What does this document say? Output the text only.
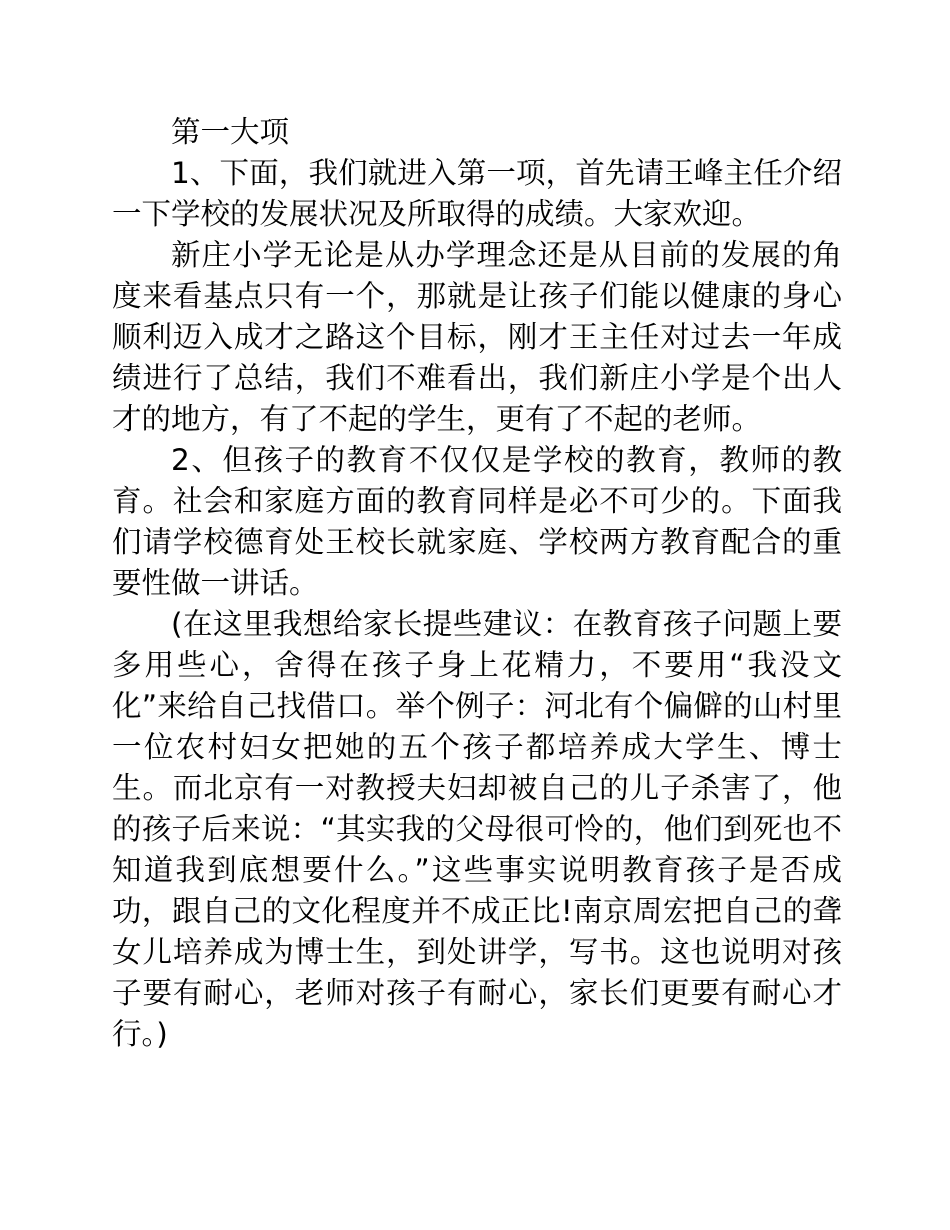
第一大项

1、下面，我们就进入第一项，首先请王峰主任介绍一下学校的发展状况及所取得的成绩。大家欢迎。

新庄小学无论是从办学理念还是从目前的发展的角度来看基点只有一个，那就是让孩子们能以健康的身心顺利迈入成才之路这个目标，刚才王主任对过去一年成绩进行了总结，我们不难看出，我们新庄小学是个出人才的地方，有了不起的学生，更有了不起的老师。

2、但孩子的教育不仅仅是学校的教育，教师的教育。社会和家庭方面的教育同样是必不可少的。下面我们请学校德育处王校长就家庭、学校两方教育配合的重要性做一讲话。

(在这里我想给家长提些建议：在教育孩子问题上要多用些心，舍得在孩子身上花精力，不要用“我没文化”来给自己找借口。举个例子：河北有个偏僻的山村里一位农村妇女把她的五个孩子都培养成大学生、博士生。而北京有一对教授夫妇却被自己的儿子杀害了，他的孩子后来说：“其实我的父母很可怜的，他们到死也不知道我到底想要什么。”这些事实说明教育孩子是否成功，跟自己的文化程度并不成正比!南京周宏把自己的聋女儿培养成为博士生，到处讲学，写书。这也说明对孩子要有耐心，老师对孩子有耐心，家长们更要有耐心才行。)
